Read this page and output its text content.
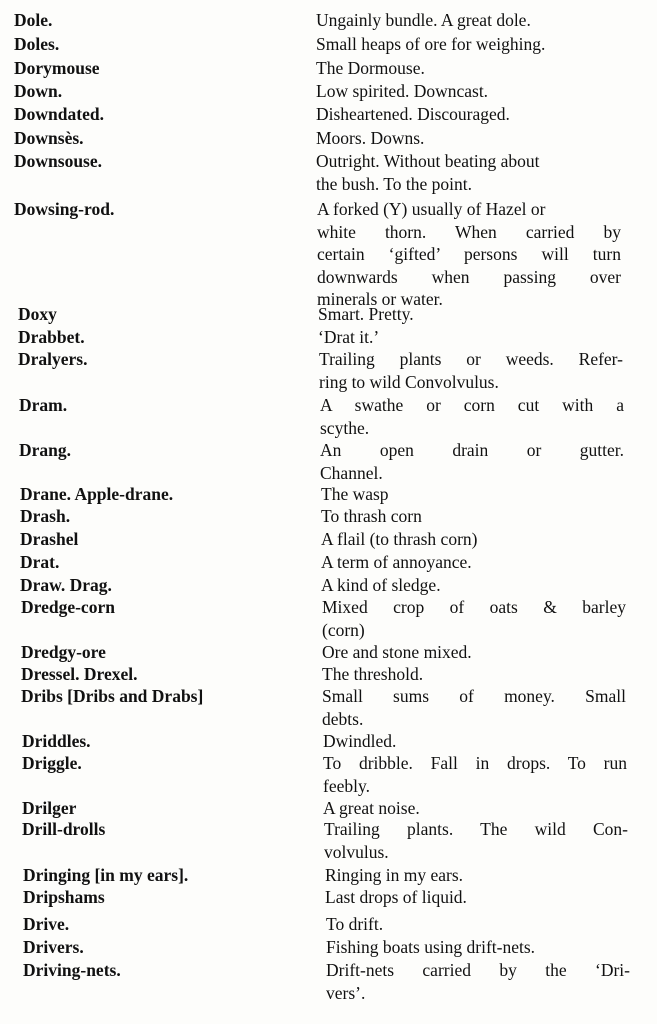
Dole.	Ungainly bundle. A great dole.
Doles.	Small heaps of ore for weighing.
Dorymouse	The Dormouse.
Down.	Low spirited. Downcast.
Downdated.	Disheartened. Discouraged.
Downsès.	Moors. Downs.
Downsouse.	Outright. Without beating about
the bush. To the point.
Dowsing-rod.	A forked (Y) usually of Hazel or
white thorn. When carried by
certain ‘gifted’ persons will turn
downwards when passing over
minerals or water.
Doxy	Smart. Pretty.
Drabbet.	‘Drat it.’
Dralyers.	Trailing plants or weeds. Refer-
ring to wild Convolvulus.
Dram.	A swathe or corn cut with a
scythe.
Drang.	An open drain or gutter.
Channel.
Drane. Apple-drane.	The wasp
Drash.	To thrash corn
Drashel	A flail (to thrash corn)
Drat.	A term of annoyance.
Draw. Drag.	A kind of sledge.
Dredge-corn	Mixed crop of oats & barley
(corn)
Dredgy-ore	Ore and stone mixed.
Dressel. Drexel.	The threshold.
Dribs [Dribs and Drabs]	Small sums of money. Small
debts.
Driddles.	Dwindled.
Driggle.	To dribble. Fall in drops. To run
feebly.
Drilger	A great noise.
Drill-drolls	Trailing plants. The wild Con-
volvulus.
Dringing [in my ears].	Ringing in my ears.
Dripshams	Last drops of liquid.
Drive.	To drift.
Drivers.	Fishing boats using drift-nets.
Driving-nets.	Drift-nets carried by the ‘Dri-
vers’.
